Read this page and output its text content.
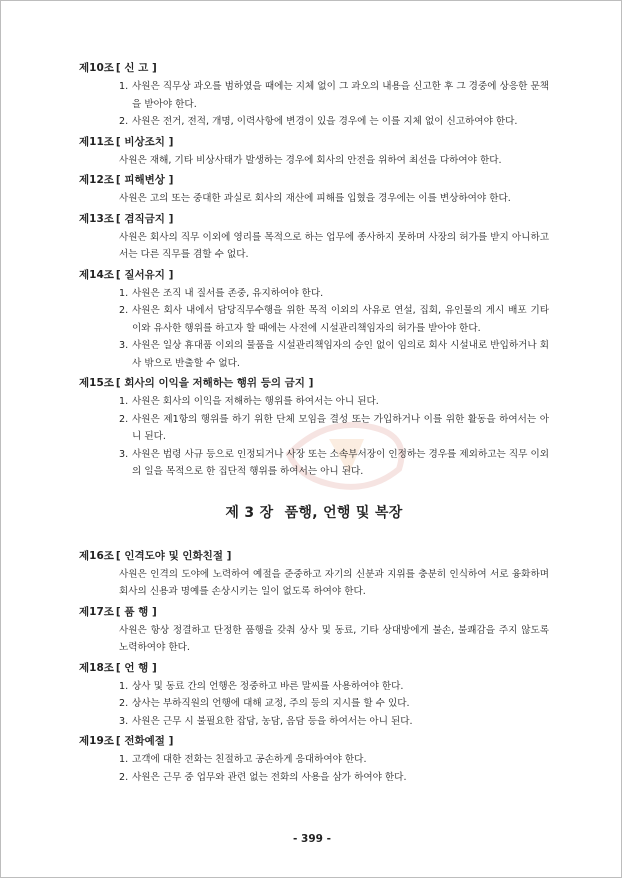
제10조 [ 신 고 ]
1. 사원은 직무상 과오를 범하였을 때에는 지체 없이 그 과오의 내용을 신고한 후 그 경중에 상응한 문책을 받아야 한다.
2. 사원은 전거, 전적, 개명, 이력사항에 변경이 있을 경우에 는 이를 지체 없이 신고하여야 한다.
제11조 [ 비상조치 ]
사원은 재해, 기타 비상사태가 발생하는 경우에 회사의 안전을 위하여 최선을 다하여야 한다.
제12조 [ 피해변상 ]
사원은 고의 또는 중대한 과실로 회사의 재산에 피해를 입혔을 경우에는 이를 변상하여야 한다.
제13조 [ 겸직금지 ]
사원은 회사의 직무 이외에 영리를 목적으로 하는 업무에 종사하지 못하며 사장의 허가를 받지 아니하고서는 다른 직무를 겸할 수 없다.
제14조 [ 질서유지 ]
1. 사원은 조직 내 질서를 존중, 유지하여야 한다.
2. 사원은 회사 내에서 담당직무수행을 위한 목적 이외의 사유로 연설, 집회, 유인물의 게시 배포 기타 이와 유사한 행위를 하고자 할 때에는 사전에 시설관리책임자의 허가를 받아야 한다.
3. 사원은 일상 휴대품 이외의 물품을 시설관리책임자의 승인 없이 임의로 회사 시설내로 반입하거나 회사 밖으로 반출할 수 없다.
제15조 [ 회사의 이익을 저해하는 행위 등의 금지 ]
1. 사원은 회사의 이익을 저해하는 행위를 하여서는 아니 된다.
2. 사원은 제1항의 행위를 하기 위한 단체 모임을 결성 또는 가입하거나 이를 위한 활동을 하여서는 아니 된다.
3. 사원은 법령 사규 등으로 인정되거나 사장 또는 소속부서장이 인정하는 경우를 제외하고는 직무 이외의 일을 목적으로 한 집단적 행위를 하여서는 아니 된다.
제 3 장 품행, 언행 및 복장
제16조 [ 인격도야 및 인화친절 ]
사원은 인격의 도야에 노력하여 예절을 준중하고 자기의 신분과 지위를 충분히 인식하여 서로 융화하며 회사의 신용과 명예를 손상시키는 일이 없도록 하여야 한다.
제17조 [ 품 행 ]
사원은 항상 정결하고 단정한 품행을 갖춰 상사 및 동료, 기타 상대방에게 불손, 불쾌감을 주지 않도록 노력하여야 한다.
제18조 [ 언 행 ]
1. 상사 및 동료 간의 언행은 정중하고 바른 말씨를 사용하여야 한다.
2. 상사는 부하직원의 언행에 대해 교정, 주의 등의 지시를 할 수 있다.
3. 사원은 근무 시 불필요한 잡담, 농담, 음담 등을 하여서는 아니 된다.
제19조 [ 전화예절 ]
1. 고객에 대한 전화는 친절하고 공손하게 응대하여야 한다.
2. 사원은 근무 중 업무와 관련 없는 전화의 사용을 삼가 하여야 한다.
- 399 -
